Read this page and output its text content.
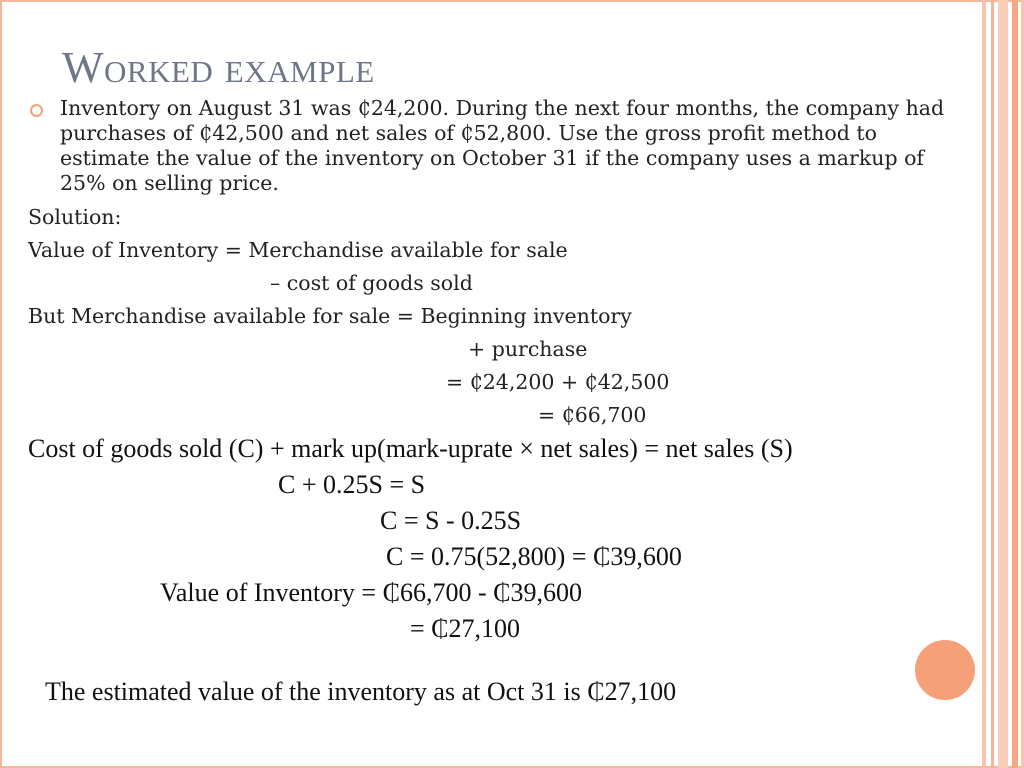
Worked example
Inventory on August 31 was ₵24,200. During the next four months, the company had purchases of ₵42,500 and net sales of ₵52,800. Use the gross profit method to estimate the value of the inventory on October 31 if the company uses a markup of 25% on selling price.
Solution:
Value of Inventory = Merchandise available for sale
– cost of goods sold
But Merchandise available for sale = Beginning inventory
+ purchase
= ₵24,200 + ₵42,500
= ₵66,700
Cost of goods sold (C) + mark up(mark-uprate × net sales) = net sales (S)
C + 0.25S = S
C = S - 0.25S
C = 0.75(52,800) = ₵39,600
Value of Inventory = ₵66,700 - ₵39,600
= ₵27,100
The estimated value of the inventory as at Oct 31 is ₵27,100
